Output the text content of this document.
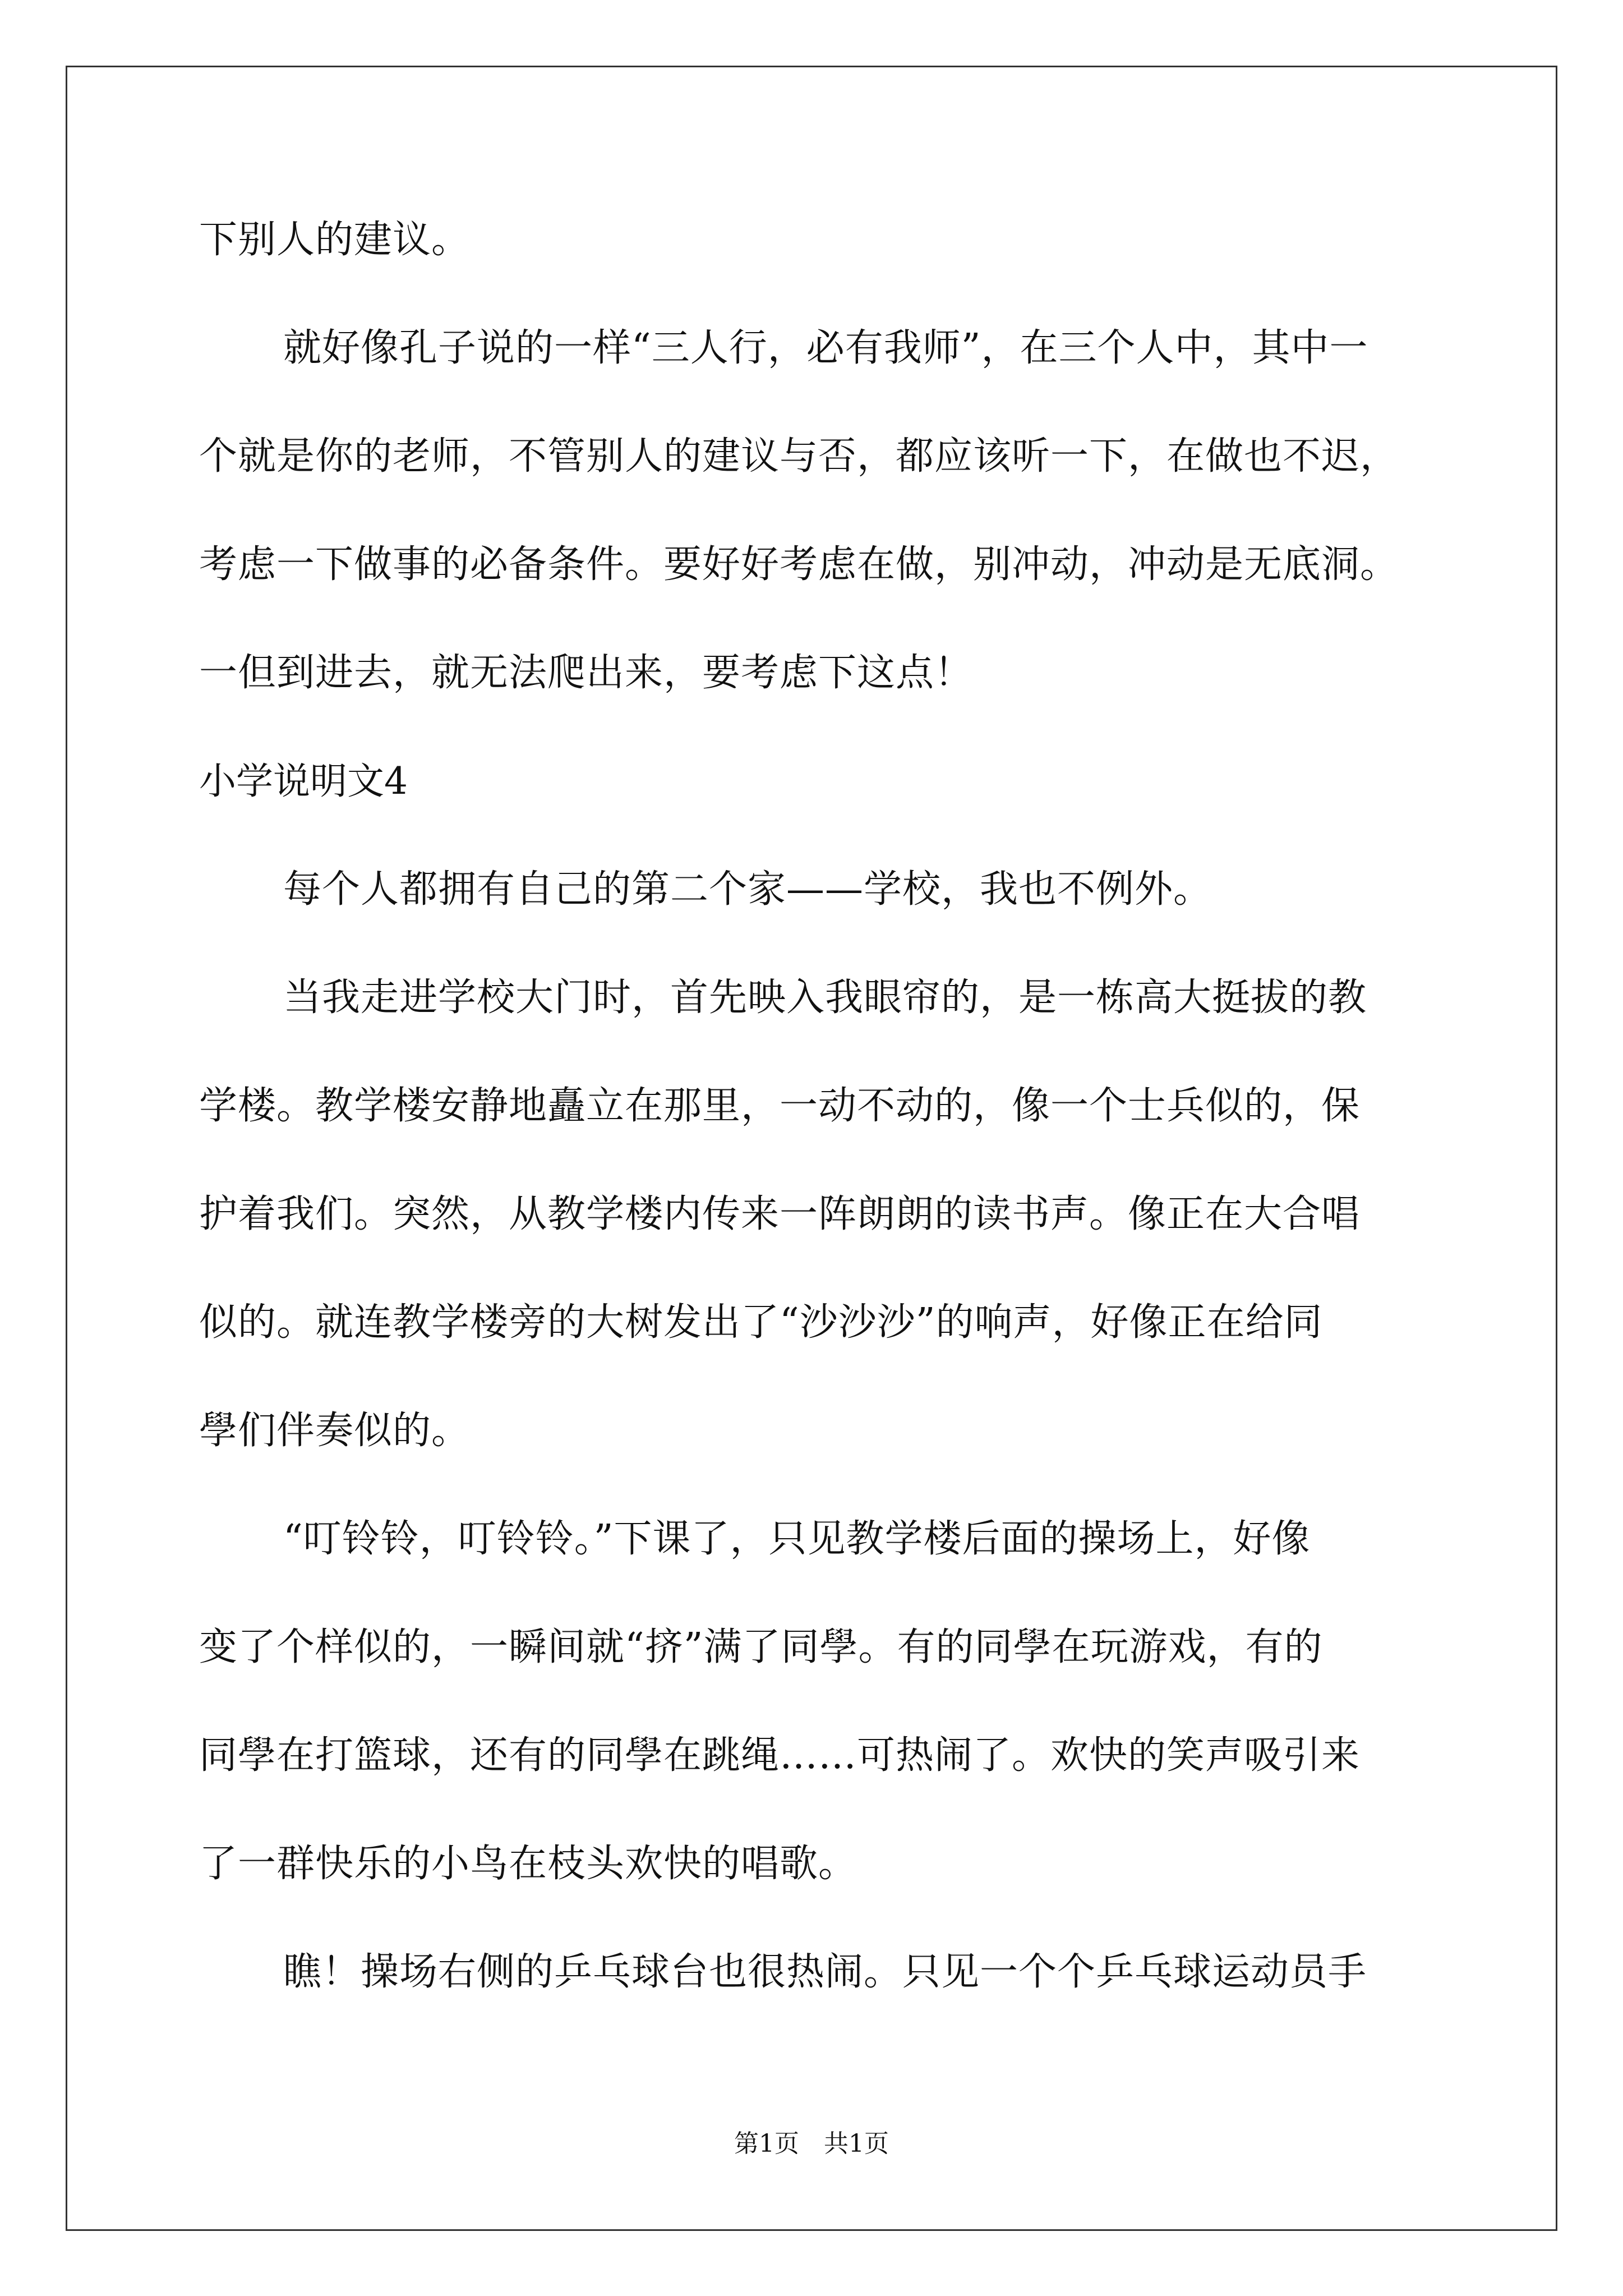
下别人的建议。
就好像孔子说的一样“三人行，必有我师”，在三个人中，其中一
个就是你的老师，不管别人的建议与否，都应该听一下，在做也不迟，
考虑一下做事的必备条件。要好好考虑在做，别冲动，冲动是无底洞。
一但到进去，就无法爬出来，要考虑下这点！
小学说明文4
每个人都拥有自己的第二个家——学校，我也不例外。
当我走进学校大门时，首先映入我眼帘的，是一栋高大挺拔的教
学楼。教学楼安静地矗立在那里，一动不动的，像一个士兵似的，保
护着我们。突然，从教学楼内传来一阵朗朗的读书声。像正在大合唱
似的。就连教学楼旁的大树发出了“沙沙沙”的响声，好像正在给同
學们伴奏似的。
“叮铃铃，叮铃铃。”下课了，只见教学楼后面的操场上，好像
变了个样似的，一瞬间就“挤”满了同學。有的同學在玩游戏，有的
同學在打篮球，还有的同學在跳绳……可热闹了。欢快的笑声吸引来
了一群快乐的小鸟在枝头欢快的唱歌。
瞧！操场右侧的乒乓球台也很热闹。只见一个个乒乓球运动员手
第1页　共1页
